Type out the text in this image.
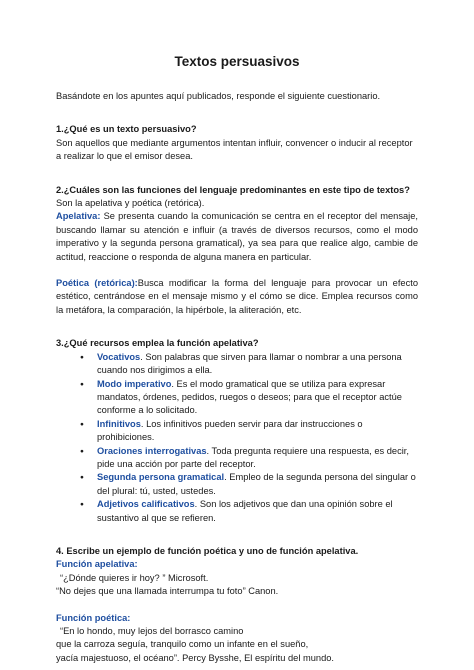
Textos persuasivos

Basándote en los apuntes aquí publicados, responde el siguiente cuestionario.

1.¿Qué es un texto persuasivo?

Son aquellos que mediante argumentos intentan influir, convencer o inducir al receptor a realizar lo que el emisor desea.

2.¿Cuáles son las funciones del lenguaje predominantes en este tipo de textos?

Son la apelativa y poética (retórica).

Apelativa: Se presenta cuando la comunicación se centra en el receptor del mensaje, buscando llamar su atención e influir (a través de diversos recursos, como el modo imperativo y la segunda persona gramatical), ya sea para que realice algo, cambie de actitud, reaccione o responda de alguna manera en particular.

Poética (retórica):Busca modificar la forma del lenguaje para provocar un efecto estético, centrándose en el mensaje mismo y el cómo se dice. Emplea recursos como la metáfora, la comparación, la hipérbole, la aliteración, etc.

3.¿Qué recursos emplea la función apelativa?

● Vocativos. Son palabras que sirven para llamar o nombrar a una persona cuando nos dirigimos a ella.
● Modo imperativo. Es el modo gramatical que se utiliza para expresar mandatos, órdenes, pedidos, ruegos o deseos; para que el receptor actúe conforme a lo solicitado.
● Infinitivos. Los infinitivos pueden servir para dar instrucciones o prohibiciones.
● Oraciones interrogativas. Toda pregunta requiere una respuesta, es decir, pide una acción por parte del receptor.
● Segunda persona gramatical. Empleo de la segunda persona del singular o del plural: tú, usted, ustedes.
● Adjetivos calificativos. Son los adjetivos que dan una opinión sobre el sustantivo al que se refieren.

4. Escribe un ejemplo de función poética y uno de función apelativa.

Función apelativa:

“¿Dónde quieres ir hoy? ” Microsoft.

“No dejes que una llamada interrumpa tu foto” Canon.

Función poética:

“En lo hondo, muy lejos del borrasco camino

que la carroza seguía, tranquilo como un infante en el sueño,

yacía majestuoso, el océano”. Percy Bysshe, El espíritu del mundo.
